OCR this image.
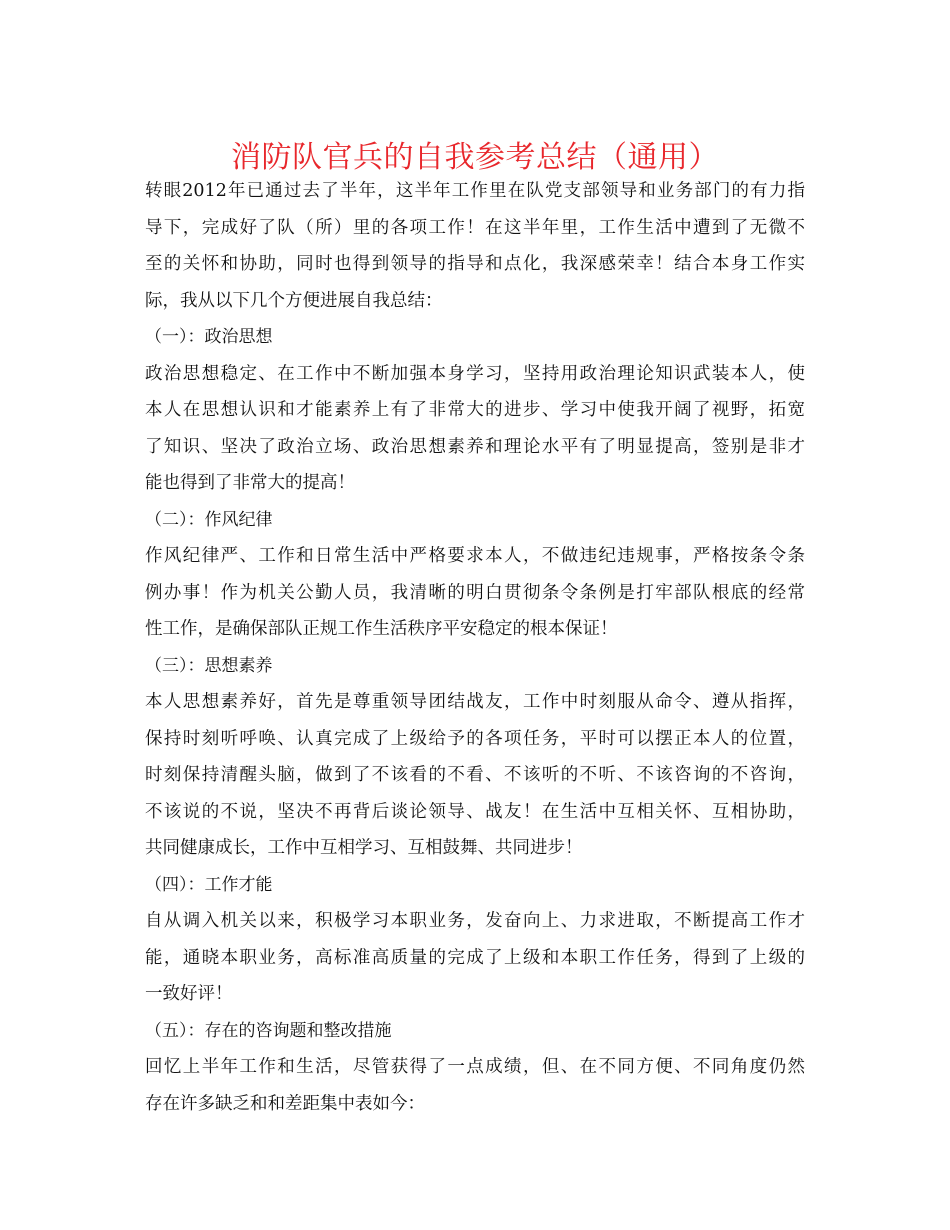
消防队官兵的自我参考总结（通用）
转眼2012年已通过去了半年，这半年工作里在队党支部领导和业务部门的有力指
导下，完成好了队（所）里的各项工作！在这半年里，工作生活中遭到了无微不
至的关怀和协助，同时也得到领导的指导和点化，我深感荣幸！结合本身工作实
际，我从以下几个方便进展自我总结：
（一）：政治思想
政治思想稳定、在工作中不断加强本身学习，坚持用政治理论知识武装本人，使
本人在思想认识和才能素养上有了非常大的进步、学习中使我开阔了视野，拓宽
了知识、坚决了政治立场、政治思想素养和理论水平有了明显提高，签别是非才
能也得到了非常大的提高！
（二）：作风纪律
作风纪律严、工作和日常生活中严格要求本人，不做违纪违规事，严格按条令条
例办事！作为机关公勤人员，我清晰的明白贯彻条令条例是打牢部队根底的经常
性工作，是确保部队正规工作生活秩序平安稳定的根本保证！
（三）：思想素养
本人思想素养好，首先是尊重领导团结战友，工作中时刻服从命令、遵从指挥，
保持时刻听呼唤、认真完成了上级给予的各项任务，平时可以摆正本人的位置，
时刻保持清醒头脑，做到了不该看的不看、不该听的不听、不该咨询的不咨询，
不该说的不说，坚决不再背后谈论领导、战友！在生活中互相关怀、互相协助，
共同健康成长，工作中互相学习、互相鼓舞、共同进步！
（四）：工作才能
自从调入机关以来，积极学习本职业务，发奋向上、力求进取，不断提高工作才
能，通晓本职业务，高标准高质量的完成了上级和本职工作任务，得到了上级的
一致好评！
（五）：存在的咨询题和整改措施
回忆上半年工作和生活，尽管获得了一点成绩，但、在不同方便、不同角度仍然
存在许多缺乏和和差距集中表如今：
